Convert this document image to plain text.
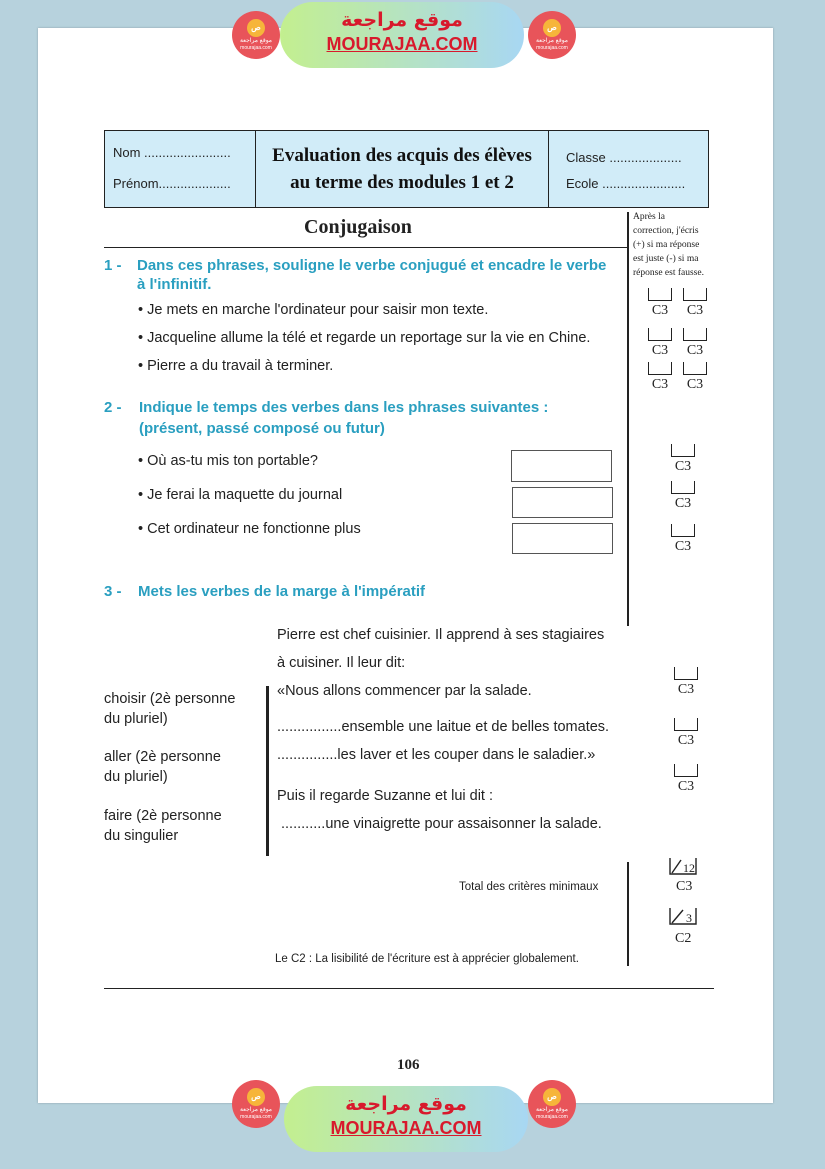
ص
موقع مراجعة
mourajaa.com
موقع مراجعة
MOURAJAA.COM
ص
موقع مراجعة
mourajaa.com
Nom ........................
Prénom....................
Evaluation des acquis des élèves
au terme des modules 1 et 2
Classe ....................
Ecole .......................
Conjugaison	Après la
correction, j'écris
(+) si ma réponse
est juste (-) si ma
réponse est fausse.
1 - Dans ces phrases, souligne le verbe conjugué et encadre le verbe
à l'infinitif.
• Je mets en marche l'ordinateur pour saisir mon texte.
• Jacqueline allume la télé et regarde un reportage sur la vie en Chine.
• Pierre a du travail à terminer.
C3 C3
C3 C3
C3 C3
2 - Indique le temps des verbes dans les phrases suivantes :
(présent, passé composé ou futur)
• Où as-tu mis ton portable?
• Je ferai la maquette du journal
• Cet ordinateur ne fonctionne plus
C3
C3
C3
3 - Mets les verbes de la marge à l'impératif
Pierre est chef cuisinier. Il apprend à ses stagiaires
à cuisiner. Il leur dit:
«Nous allons commencer par la salade.
................ensemble une laitue et de belles tomates.
...............les laver et les couper dans le saladier.»
Puis il regarde Suzanne et lui dit :
...........une vinaigrette pour assaisonner la salade.
choisir (2è personne
du pluriel)
aller (2è personne
du pluriel)
faire (2è personne
du singulier
C3
C3
C3
Total des critères minimaux
12
C3
3
C2
Le C2 : La lisibilité de l'écriture est à apprécier globalement.
106
ص
موقع مراجعة
mourajaa.com
موقع مراجعة
MOURAJAA.COM
ص
موقع مراجعة
mourajaa.com
